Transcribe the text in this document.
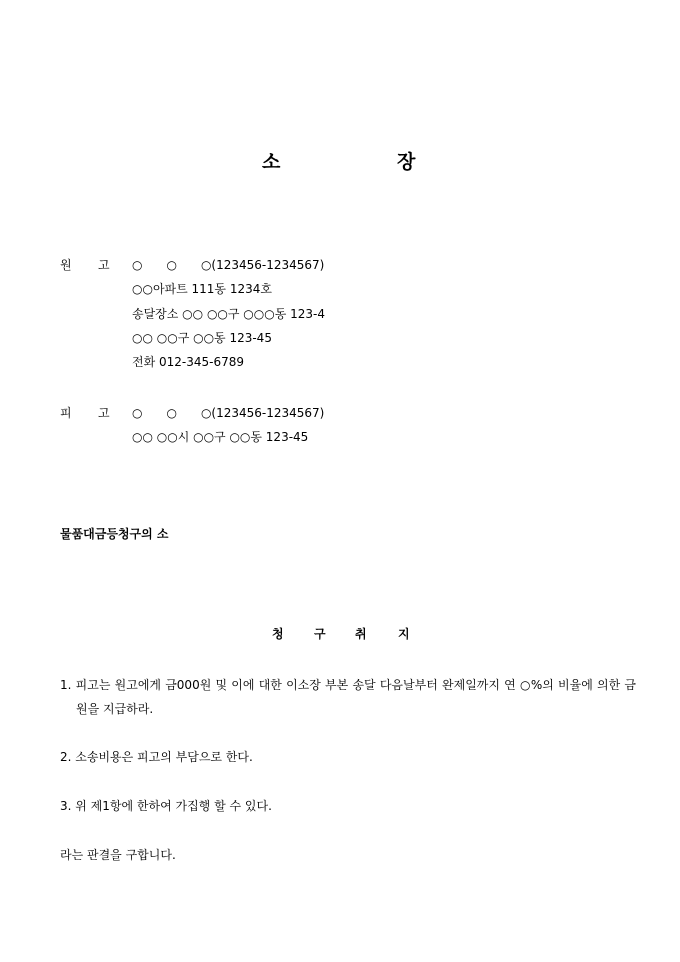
소	장
원 고 ○　　○　　○(123456-1234567)
○○아파트 111동 1234호
송달장소 ○○ ○○구 ○○○동 123-4
○○ ○○구 ○○동 123-45
전화 012-345-6789
피 고 ○　　○　　○(123456-1234567)
○○ ○○시 ○○구 ○○동 123-45
물품대금등청구의 소
청	구 취	지
1. 피고는 원고에게 금000원 및 이에 대한 이소장 부본 송달 다음날부터 완제일까지 연 ○%의 비율에 의한 금원을 지급하라.
2. 소송비용은 피고의 부담으로 한다.
3. 위 제1항에 한하여 가집행 할 수 있다.
라는 판결을 구합니다.
